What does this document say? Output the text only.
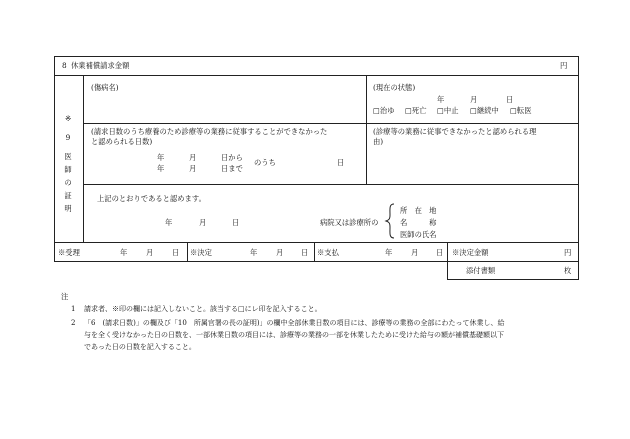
8 休業補償請求金額	円
※
9
医
師
の
証
明
(傷病名)	(現在の状態)
年	月	日
□治ゆ □死亡 □中止 □継続中 □転医
(請求日数のうち療養のため診療等の業務に従事することができなかった
と認められる日数)
年	月	日から
年	月	日まで
のうち	日
(診療等の業務に従事できなかったと認められる理
由)
上記のとおりであると認めます。
年	月	日	病院又は診療所の
所　在　地
名　　　称
医師の氏名
※受理	年	月	日 ※決定	年	月 日 ※支払	年	月 日 ※決定金額	円
添付書類	枚
注
1 請求者、※印の欄には記入しないこと。該当する□にレ印を記入すること。
2 「6　(請求日数)」の欄及び「10　所属官署の長の証明)」の欄中全部休業日数の項目には、診療等の業務の全部にわたって休業し、給
与を全く受けなかった日の日数を、一部休業日数の項目には、診療等の業務の一部を休業したために受けた給与の額が補償基礎額以下
であった日の日数を記入すること。
